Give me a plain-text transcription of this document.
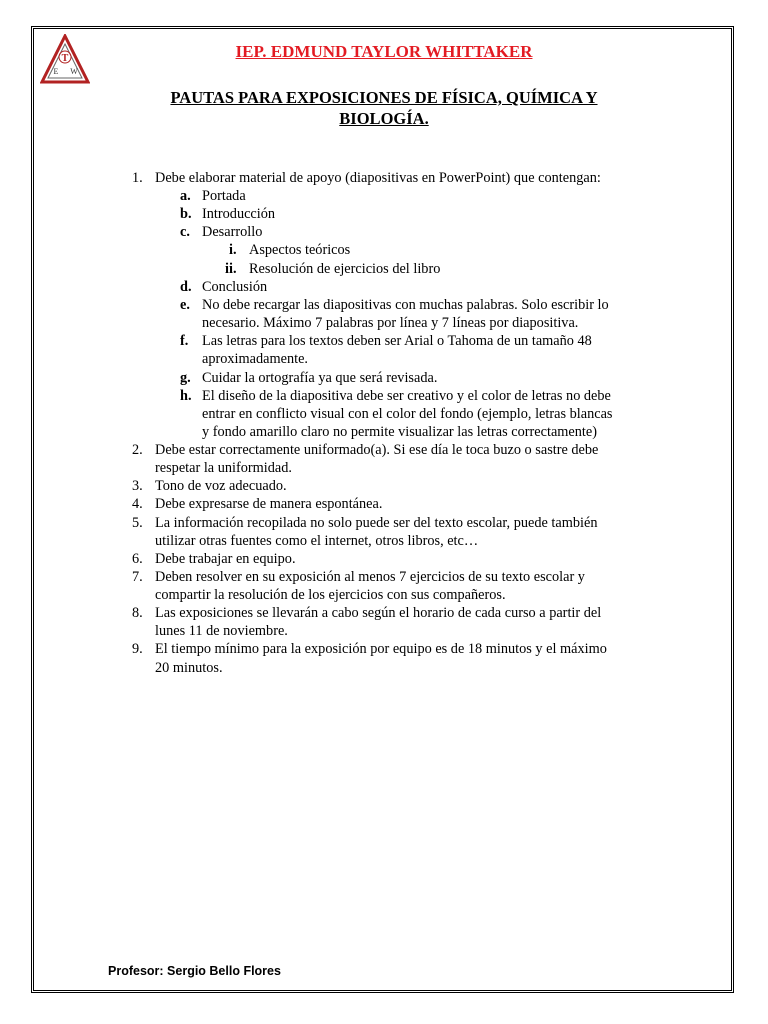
T
E W
IEP. EDMUND TAYLOR WHITTAKER
PAUTAS PARA EXPOSICIONES DE FÍSICA, QUÍMICA Y
BIOLOGÍA.
1. Debe elaborar material de apoyo (diapositivas en PowerPoint) que contengan:
a. Portada
b. Introducción
c. Desarrollo
i. Aspectos teóricos
ii. Resolución de ejercicios del libro
d. Conclusión
e. No debe recargar las diapositivas con muchas palabras. Solo escribir lo
necesario. Máximo 7 palabras por línea y 7 líneas por diapositiva.
f. Las letras para los textos deben ser Arial o Tahoma de un tamaño 48
aproximadamente.
g. Cuidar la ortografía ya que será revisada.
h. El diseño de la diapositiva debe ser creativo y el color de letras no debe
entrar en conflicto visual con el color del fondo (ejemplo, letras blancas
y fondo amarillo claro no permite visualizar las letras correctamente)
2. Debe estar correctamente uniformado(a). Si ese día le toca buzo o sastre debe
respetar la uniformidad.
3. Tono de voz adecuado.
4. Debe expresarse de manera espontánea.
5. La información recopilada no solo puede ser del texto escolar, puede también
utilizar otras fuentes como el internet, otros libros, etc…
6. Debe trabajar en equipo.
7. Deben resolver en su exposición al menos 7 ejercicios de su texto escolar y
compartir la resolución de los ejercicios con sus compañeros.
8. Las exposiciones se llevarán a cabo según el horario de cada curso a partir del
lunes 11 de noviembre.
9. El tiempo mínimo para la exposición por equipo es de 18 minutos y el máximo
20 minutos.
Profesor: Sergio Bello Flores
